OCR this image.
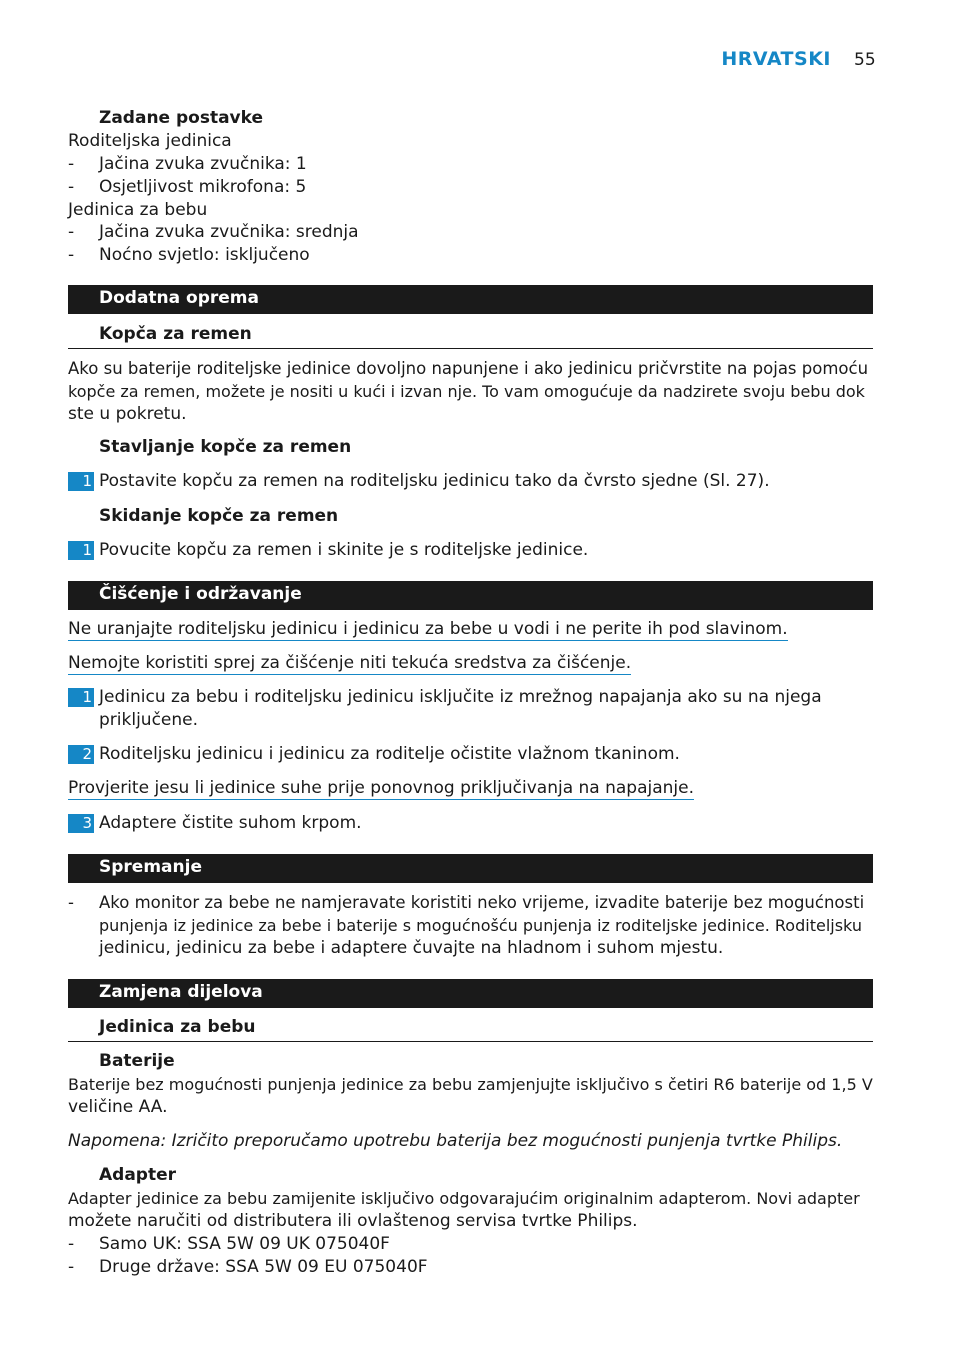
HRVATSKI 55
Zadane postavke
Roditeljska jedinica
- Jačina zvuka zvučnika: 1
- Osjetljivost mikrofona: 5
Jedinica za bebu
- Jačina zvuka zvučnika: srednja
- Noćno svjetlo: isključeno
Dodatna oprema
Kopča za remen
Ako su baterije roditeljske jedinice dovoljno napunjene i ako jedinicu pričvrstite na pojas pomoću
kopče za remen, možete je nositi u kući i izvan nje. To vam omogućuje da nadzirete svoju bebu dok
ste u pokretu.
Stavljanje kopče za remen
1 Postavite kopču za remen na roditeljsku jedinicu tako da čvrsto sjedne (Sl. 27).
Skidanje kopče za remen
1 Povucite kopču za remen i skinite je s roditeljske jedinice.
Čišćenje i održavanje
Ne uranjajte roditeljsku jedinicu i jedinicu za bebe u vodi i ne perite ih pod slavinom.
Nemojte koristiti sprej za čišćenje niti tekuća sredstva za čišćenje.
1 Jedinicu za bebu i roditeljsku jedinicu isključite iz mrežnog napajanja ako su na njega
priključene.
2 Roditeljsku jedinicu i jedinicu za roditelje očistite vlažnom tkaninom.
Provjerite jesu li jedinice suhe prije ponovnog priključivanja na napajanje.
3 Adaptere čistite suhom krpom.
Spremanje
- Ako monitor za bebe ne namjeravate koristiti neko vrijeme, izvadite baterije bez mogućnosti
punjenja iz jedinice za bebe i baterije s mogućnošću punjenja iz roditeljske jedinice. Roditeljsku
jedinicu, jedinicu za bebe i adaptere čuvajte na hladnom i suhom mjestu.
Zamjena dijelova
Jedinica za bebu
Baterije
Baterije bez mogućnosti punjenja jedinice za bebu zamjenjujte isključivo s četiri R6 baterije od 1,5 V
veličine AA.
Napomena: Izričito preporučamo upotrebu baterija bez mogućnosti punjenja tvrtke Philips.
Adapter
Adapter jedinice za bebu zamijenite isključivo odgovarajućim originalnim adapterom. Novi adapter
možete naručiti od distributera ili ovlaštenog servisa tvrtke Philips.
- Samo UK: SSA 5W 09 UK 075040F
- Druge države: SSA 5W 09 EU 075040F
